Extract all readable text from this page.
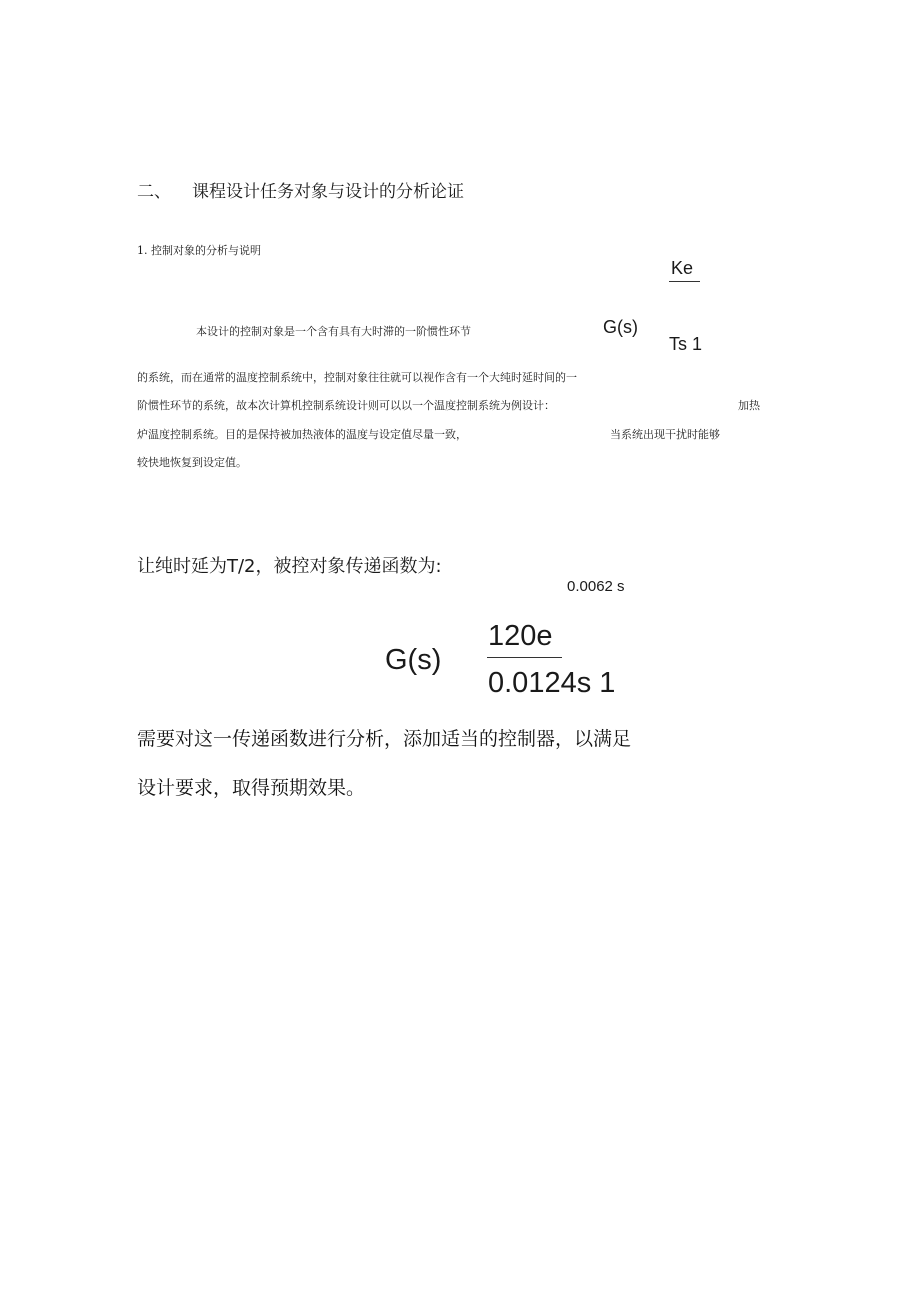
二、 课程设计任务对象与设计的分析论证
1. 控制对象的分析与说明
Ke
G(s)
Ts 1
本设计的控制对象是一个含有具有大时滞的一阶惯性环节
的系统，而在通常的温度控制系统中，控制对象往往就可以视作含有一个大纯时延时间的一
阶惯性环节的系统，故本次计算机控制系统设计则可以以一个温度控制系统为例设计：	加热
炉温度控制系统。目的是保持被加热液体的温度与设定值尽量一致，	当系统出现干扰时能够
较快地恢复到设定值。
让纯时延为T/2，被控对象传递函数为:
0.0062 s
120e
G(s)
0.0124s 1
需要对这一传递函数进行分析，添加适当的控制器，以满足
设计要求，取得预期效果。
